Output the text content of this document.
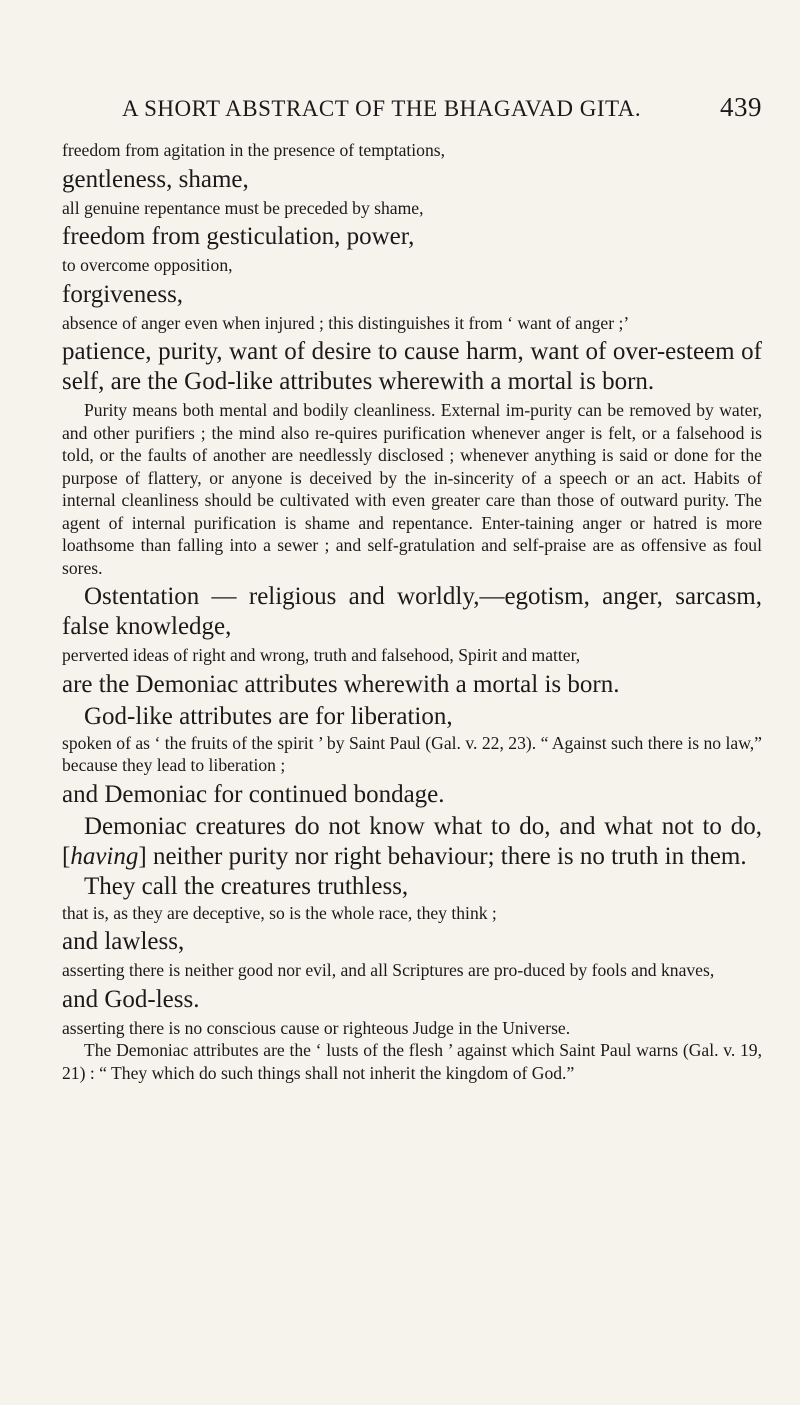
A SHORT ABSTRACT OF THE BHAGAVAD GITA.	439

freedom from agitation in the presence of temptations,

gentleness, shame,

all genuine repentance must be preceded by shame,

freedom from gesticulation, power,

to overcome opposition,

forgiveness,

absence of anger even when injured ; this distinguishes it from ‘ want of anger ;’

patience, purity, want of desire to cause harm, want of over-esteem of self, are the God-like attributes wherewith a mortal is born.

Purity means both mental and bodily cleanliness. External im-purity can be removed by water, and other purifiers ; the mind also re-quires purification whenever anger is felt, or a falsehood is told, or the faults of another are needlessly disclosed ; whenever anything is said or done for the purpose of flattery, or anyone is deceived by the in-sincerity of a speech or an act. Habits of internal cleanliness should be cultivated with even greater care than those of outward purity. The agent of internal purification is shame and repentance. Enter-taining anger or hatred is more loathsome than falling into a sewer ; and self-gratulation and self-praise are as offensive as foul sores.

Ostentation — religious and worldly,—egotism, anger, sarcasm, false knowledge,

perverted ideas of right and wrong, truth and falsehood, Spirit and matter,

are the Demoniac attributes wherewith a mortal is born.

God-like attributes are for liberation,

spoken of as ‘ the fruits of the spirit ’ by Saint Paul (Gal. v. 22, 23). “ Against such there is no law,” because they lead to liberation ;

and Demoniac for continued bondage.

Demoniac creatures do not know what to do, and what not to do, [having] neither purity nor right behaviour; there is no truth in them.

They call the creatures truthless,

that is, as they are deceptive, so is the whole race, they think ;

and lawless,

asserting there is neither good nor evil, and all Scriptures are pro-duced by fools and knaves,

and God-less.

asserting there is no conscious cause or righteous Judge in the Universe.

The Demoniac attributes are the ‘ lusts of the flesh ’ against which Saint Paul warns (Gal. v. 19, 21) : “ They which do such things shall not inherit the kingdom of God.”
